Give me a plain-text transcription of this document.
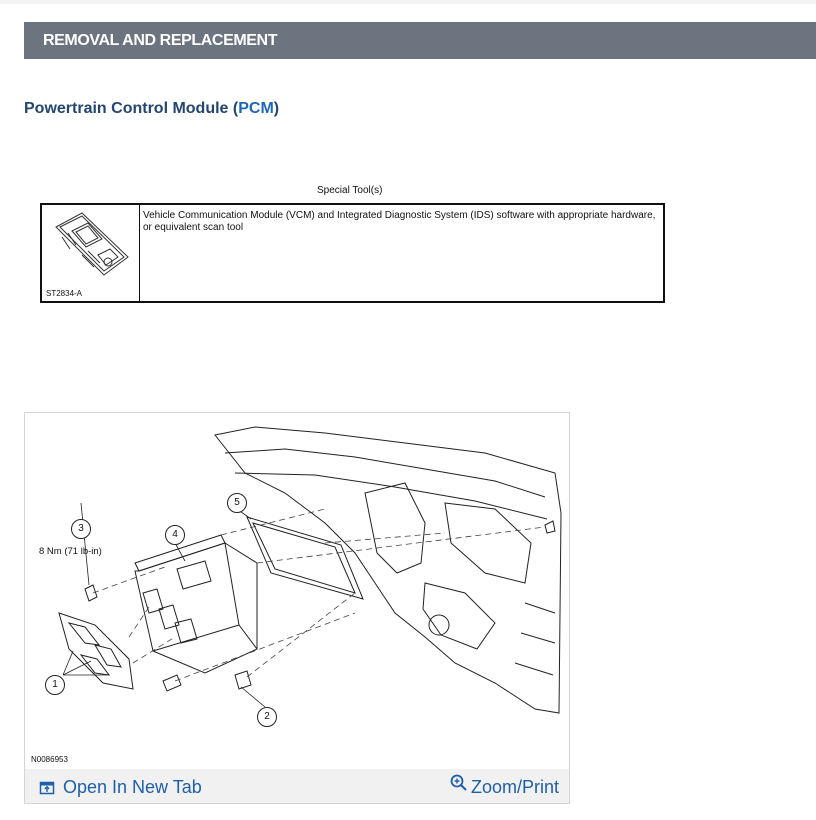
REMOVAL AND REPLACEMENT
Powertrain Control Module (PCM)
Special Tool(s)
ST2834-A
Vehicle Communication Module (VCM) and Integrated Diagnostic System (IDS) software with appropriate hardware, or equivalent scan tool
1
2
3
4
5
8 Nm (71 lb-in)
N0086953
Open In New Tab	Zoom/Print
